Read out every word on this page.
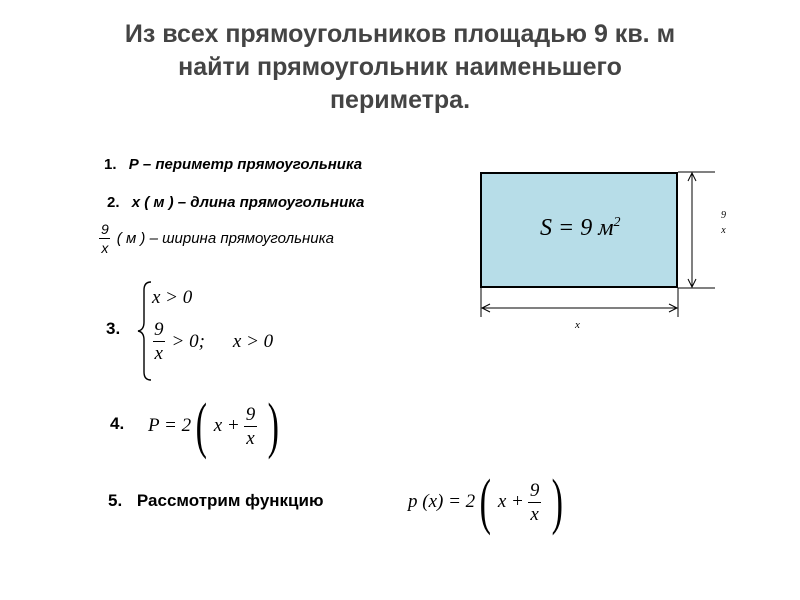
Из всех прямоугольников площадью 9 кв. м
найти прямоугольник наименьшего
периметра.
1. Р – периметр прямоугольника
2. х ( м ) – длина прямоугольника
$\frac{9}{x}$ ( м ) – ширина прямоугольника
3.
x > 0
$\frac{9}{x} > 0$; x > 0
4. P = 2 ( $x + \frac{9}{x}$ )
5. Рассмотрим функцию	p (x) = 2 ( $x + \frac{9}{x}$ )
S = 9 $м^2$	9
x
x
